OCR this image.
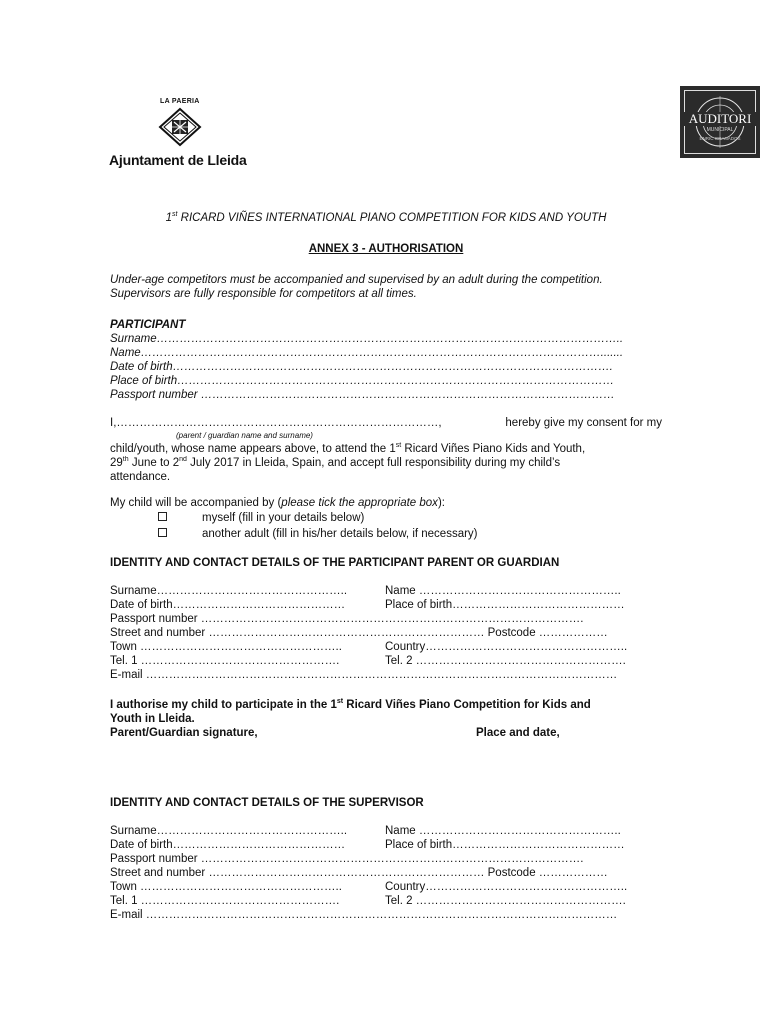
LA PAERIA
Ajuntament de Lleida
AUDITORI
MUNICIPAL
ENRIC GRANADOS
1st RICARD VIÑES INTERNATIONAL PIANO COMPETITION FOR KIDS AND YOUTH
ANNEX 3 - AUTHORISATION
Under-age competitors must be accompanied and supervised by an adult during the competition.
Supervisors are fully responsible for competitors at all times.
PARTICIPANT
Surname…………………………………………………………………………………………………………..
Name………………………………………………………………………………………………………….......
Date of birth…………………………………………………………………………………………………….
Place of birth……………………………………………………………………………………………………
Passport number ………………………………………………………………………………………………
I,…………………………………………………………………………,	hereby give my consent for my
(parent / guardian name and surname)
child/youth, whose name appears above, to attend the 1st Ricard Viñes Piano Kids and Youth,
29th June to 2nd July 2017 in Lleida, Spain, and accept full responsibility during my child’s
attendance.
My child will be accompanied by (please tick the appropriate box):
myself (fill in your details below)
another adult (fill in his/her details below, if necessary)
IDENTITY AND CONTACT DETAILS OF THE PARTICIPANT PARENT OR GUARDIAN
Surname…………………………………………..	Name ……………………………………………..
Date of birth………………………………………	Place of birth………………………………………
Passport number ……………………………………………………………………………………….
Street and number ……………………………………………………………… Postcode ………………
Town ……………………………………………..	Country……………………………………………..
Tel. 1 …………………………………………….	Tel. 2 ……………………………………………….
E-mail ……………………………………………………………………………………………………………
I authorise my child to participate in the 1st Ricard Viñes Piano Competition for Kids and
Youth in Lleida.
Parent/Guardian signature,	Place and date,
IDENTITY AND CONTACT DETAILS OF THE SUPERVISOR
Surname…………………………………………..	Name ……………………………………………..
Date of birth………………………………………	Place of birth………………………………………
Passport number ……………………………………………………………………………………….
Street and number ……………………………………………………………… Postcode ………………
Town ……………………………………………..	Country……………………………………………..
Tel. 1 …………………………………………….	Tel. 2 ……………………………………………….
E-mail ……………………………………………………………………………………………………………
